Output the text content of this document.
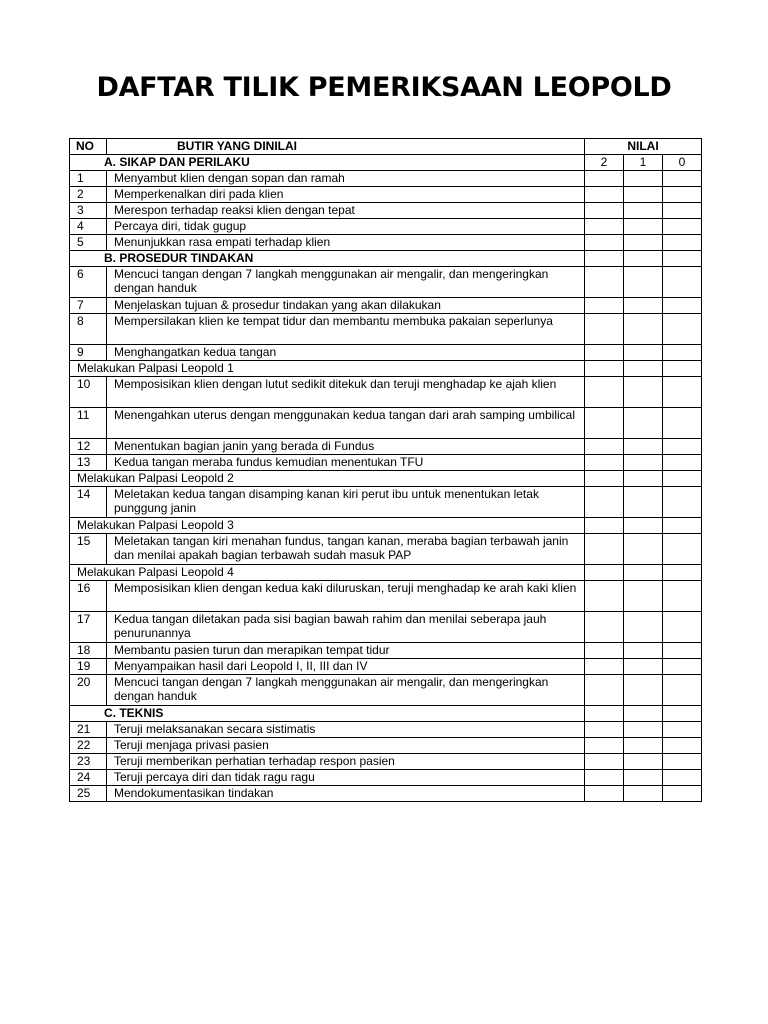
DAFTAR TILIK PEMERIKSAAN LEOPOLD
NO	BUTIR YANG DINILAI	NILAI		
A. SIKAP DAN PERILAKU		2	1	0
1	Menyambut klien dengan sopan dan ramah			
2	Memperkenalkan diri pada klien			
3	Merespon terhadap reaksi klien dengan tepat			
4	Percaya diri, tidak gugup			
5	Menunjukkan rasa empati terhadap klien			
B. PROSEDUR TINDAKAN				
6	Mencuci tangan dengan 7 langkah menggunakan air mengalir, dan mengeringkan dengan handuk			
7	Menjelaskan tujuan & prosedur tindakan yang akan dilakukan			
8	Mempersilakan klien ke tempat tidur dan membantu membuka pakaian seperlunya			
9	Menghangatkan kedua tangan			
Melakukan Palpasi Leopold 1				
10	Memposisikan klien dengan lutut sedikit ditekuk dan teruji menghadap ke ajah klien			
11	Menengahkan uterus dengan menggunakan kedua tangan dari arah samping umbilical			
12	Menentukan bagian janin yang berada di Fundus			
13	Kedua tangan meraba fundus kemudian menentukan TFU			
Melakukan Palpasi Leopold 2				
14	Meletakan kedua tangan disamping kanan kiri perut ibu untuk menentukan letak punggung janin			
Melakukan Palpasi Leopold 3				
15	Meletakan tangan kiri menahan fundus, tangan kanan, meraba bagian terbawah janin dan menilai apakah bagian terbawah sudah masuk PAP			
Melakukan Palpasi Leopold 4				
16	Memposisikan klien dengan kedua kaki diluruskan, teruji menghadap ke arah kaki klien			
17	Kedua tangan diletakan pada sisi bagian bawah rahim dan menilai seberapa jauh penurunannya			
18	Membantu pasien turun dan merapikan tempat tidur			
19	Menyampaikan hasil dari Leopold I, II, III dan IV			
20	Mencuci tangan dengan 7 langkah menggunakan air mengalir, dan mengeringkan dengan handuk			
C. TEKNIS				
21	Teruji melaksanakan secara sistimatis			
22	Teruji menjaga privasi pasien			
23	Teruji memberikan perhatian terhadap respon pasien			
24	Teruji percaya diri dan tidak ragu ragu			
25	Mendokumentasikan tindakan			
